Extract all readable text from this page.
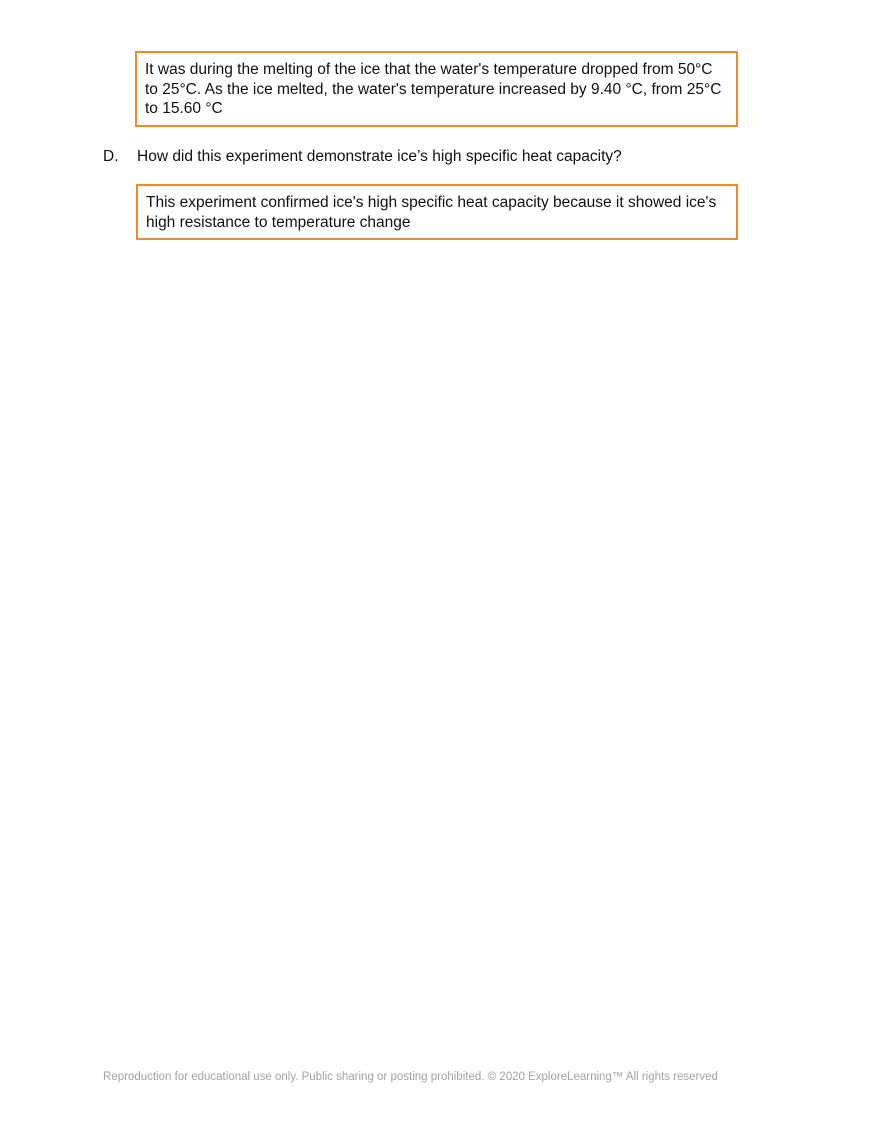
It was during the melting of the ice that the water's temperature dropped from 50°C to 25°C. As the ice melted, the water's temperature increased by 9.40 °C, from 25°C to 15.60 °C
D. How did this experiment demonstrate ice’s high specific heat capacity?
This experiment confirmed ice's high specific heat capacity because it showed ice's high resistance to temperature change
Reproduction for educational use only. Public sharing or posting prohibited. © 2020 ExploreLearning™ All rights reserved
